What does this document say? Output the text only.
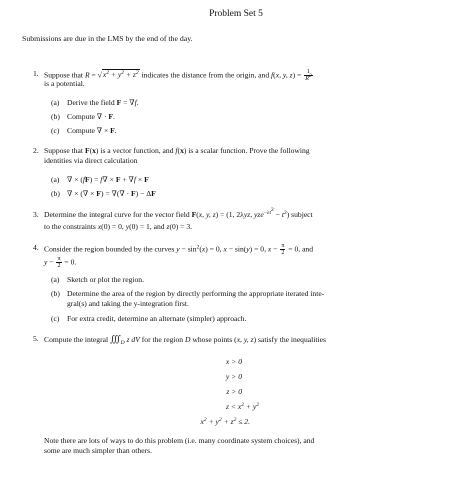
Problem Set 5
Submissions are due in the LMS by the end of the day.
1. Suppose that $R = √x^2 + y^2 + z^2$ indicates the distance from the origin, and f(x, y, $z) = \frac{1}{R^2}$
is a potential.
(a) Derive the field F = ∇f.
(b) Compute ∇ · F.
(c) Compute ∇ × F.
2. Suppose that F(x) is a vector function, and f(x) is a scalar function. Prove the following
identities via direct calculation
(a) ∇ × (fF) = f∇ × F + ∇f × F
(b) ∇ × (∇ × F) = ∇(∇ · F) − ΔF
3. Determine the integral curve for the vector field F(x, y, z) = (1, 2λyz, $yze^{-\lambda t^2} - t^2$) subject
to the constraints x(0) = 0, y(0) = 1, and z(0) = 3.
4. Consider the region bounded by the curves $y - \sin^2(x) = 0$, x − sin(y) = 0, $x - \frac{\pi}{2} = 0$, and
$y - \frac{\pi}{2} = 0$.
(a) Sketch or plot the region.
(b) Determine the area of the region by directly performing the appropriate iterated inte-
gral(s) and taking the y-integration first.
(c) For extra credit, determine an alternate (simpler) approach.
5. Compute the integral $∭_D$ z dV for the region D whose points (x, y, z) satisfy the inequalities
x > 0
y > 0
z > 0
$z < x^2 + y^2$
$x^2 + y^2 + z^2 \le 2$.
Note there are lots of ways to do this problem (i.e. many coordinate system choices), and
some are much simpler than others.
